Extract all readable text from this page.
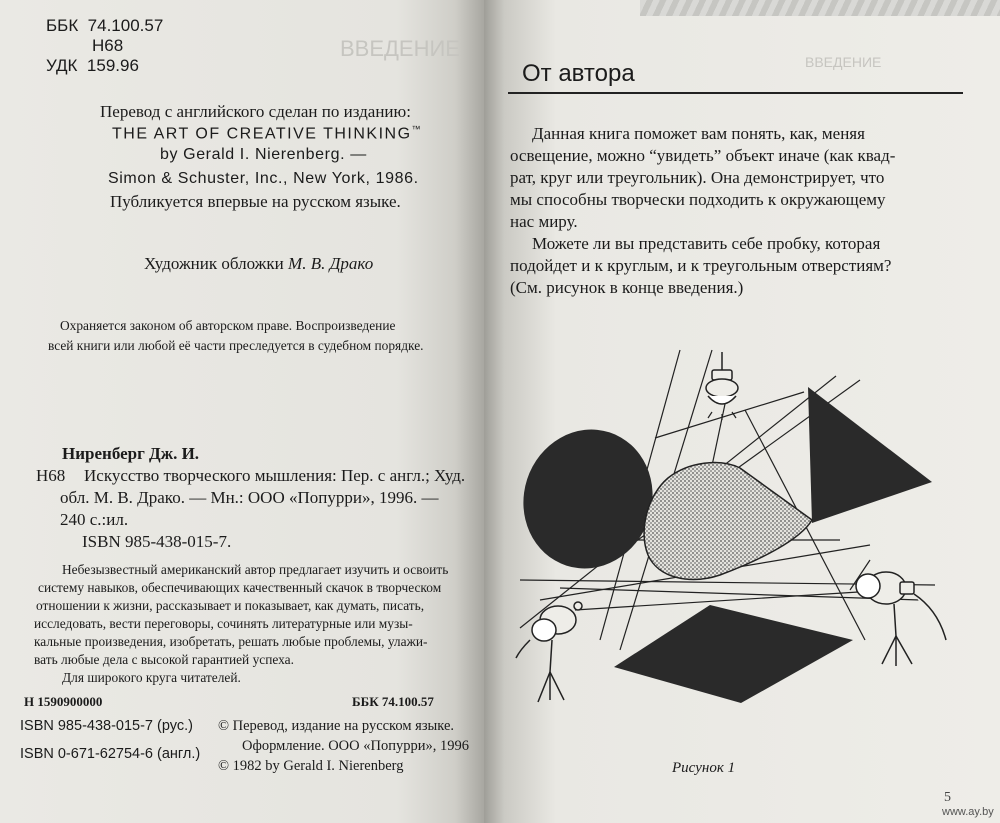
ВВЕДЕНИЕ

ББК 74.100.57

Н68

УДК 159.96

Перевод с английского сделан по изданию:

THE ART OF CREATIVE THINKING™

by Gerald I. Nierenberg. —

Simon & Schuster, Inc., New York, 1986.

Публикуется впервые на русском языке.

Художник обложки М. В. Драко

Охраняется законом об авторском праве. Воспроизведение

всей книги или любой её части преследуется в судебном порядке.

Ниренберг Дж. И.

Н68 Искусство творческого мышления: Пер. с англ.; Худ.

обл. М. В. Драко. — Мн.: ООО «Попурри», 1996. —

240 с.:ил.

ISBN 985-438-015-7.

Небезызвестный американский автор предлагает изучить и освоить

систему навыков, обеспечивающих качественный скачок в творческом

отношении к жизни, рассказывает и показывает, как думать, писать,

исследовать, вести переговоры, сочинять литературные или музы-

кальные произведения, изобретать, решать любые проблемы, улажи-

вать любые дела с высокой гарантией успеха.

Для широкого круга читателей.

Н 1590900000	ББК 74.100.57

ISBN 985-438-015-7 (рус.)

ISBN 0-671-62754-6 (англ.)

© Перевод, издание на русском языке.

Оформление. ООО «Попурри», 1996

© 1982 by Gerald I. Nierenberg

ВВЕДЕНИЕ

От автора

Данная книга поможет вам понять, как, меняя

освещение, можно “увидеть” объект иначе (как квад-

рат, круг или треугольник). Она демонстрирует, что

мы способны творчески подходить к окружающему

нас миру.

Можете ли вы представить себе пробку, которая

подойдет и к круглым, и к треугольным отверстиям?

(См. рисунок в конце введения.)

Рисунок 1

5

www.ay.by
